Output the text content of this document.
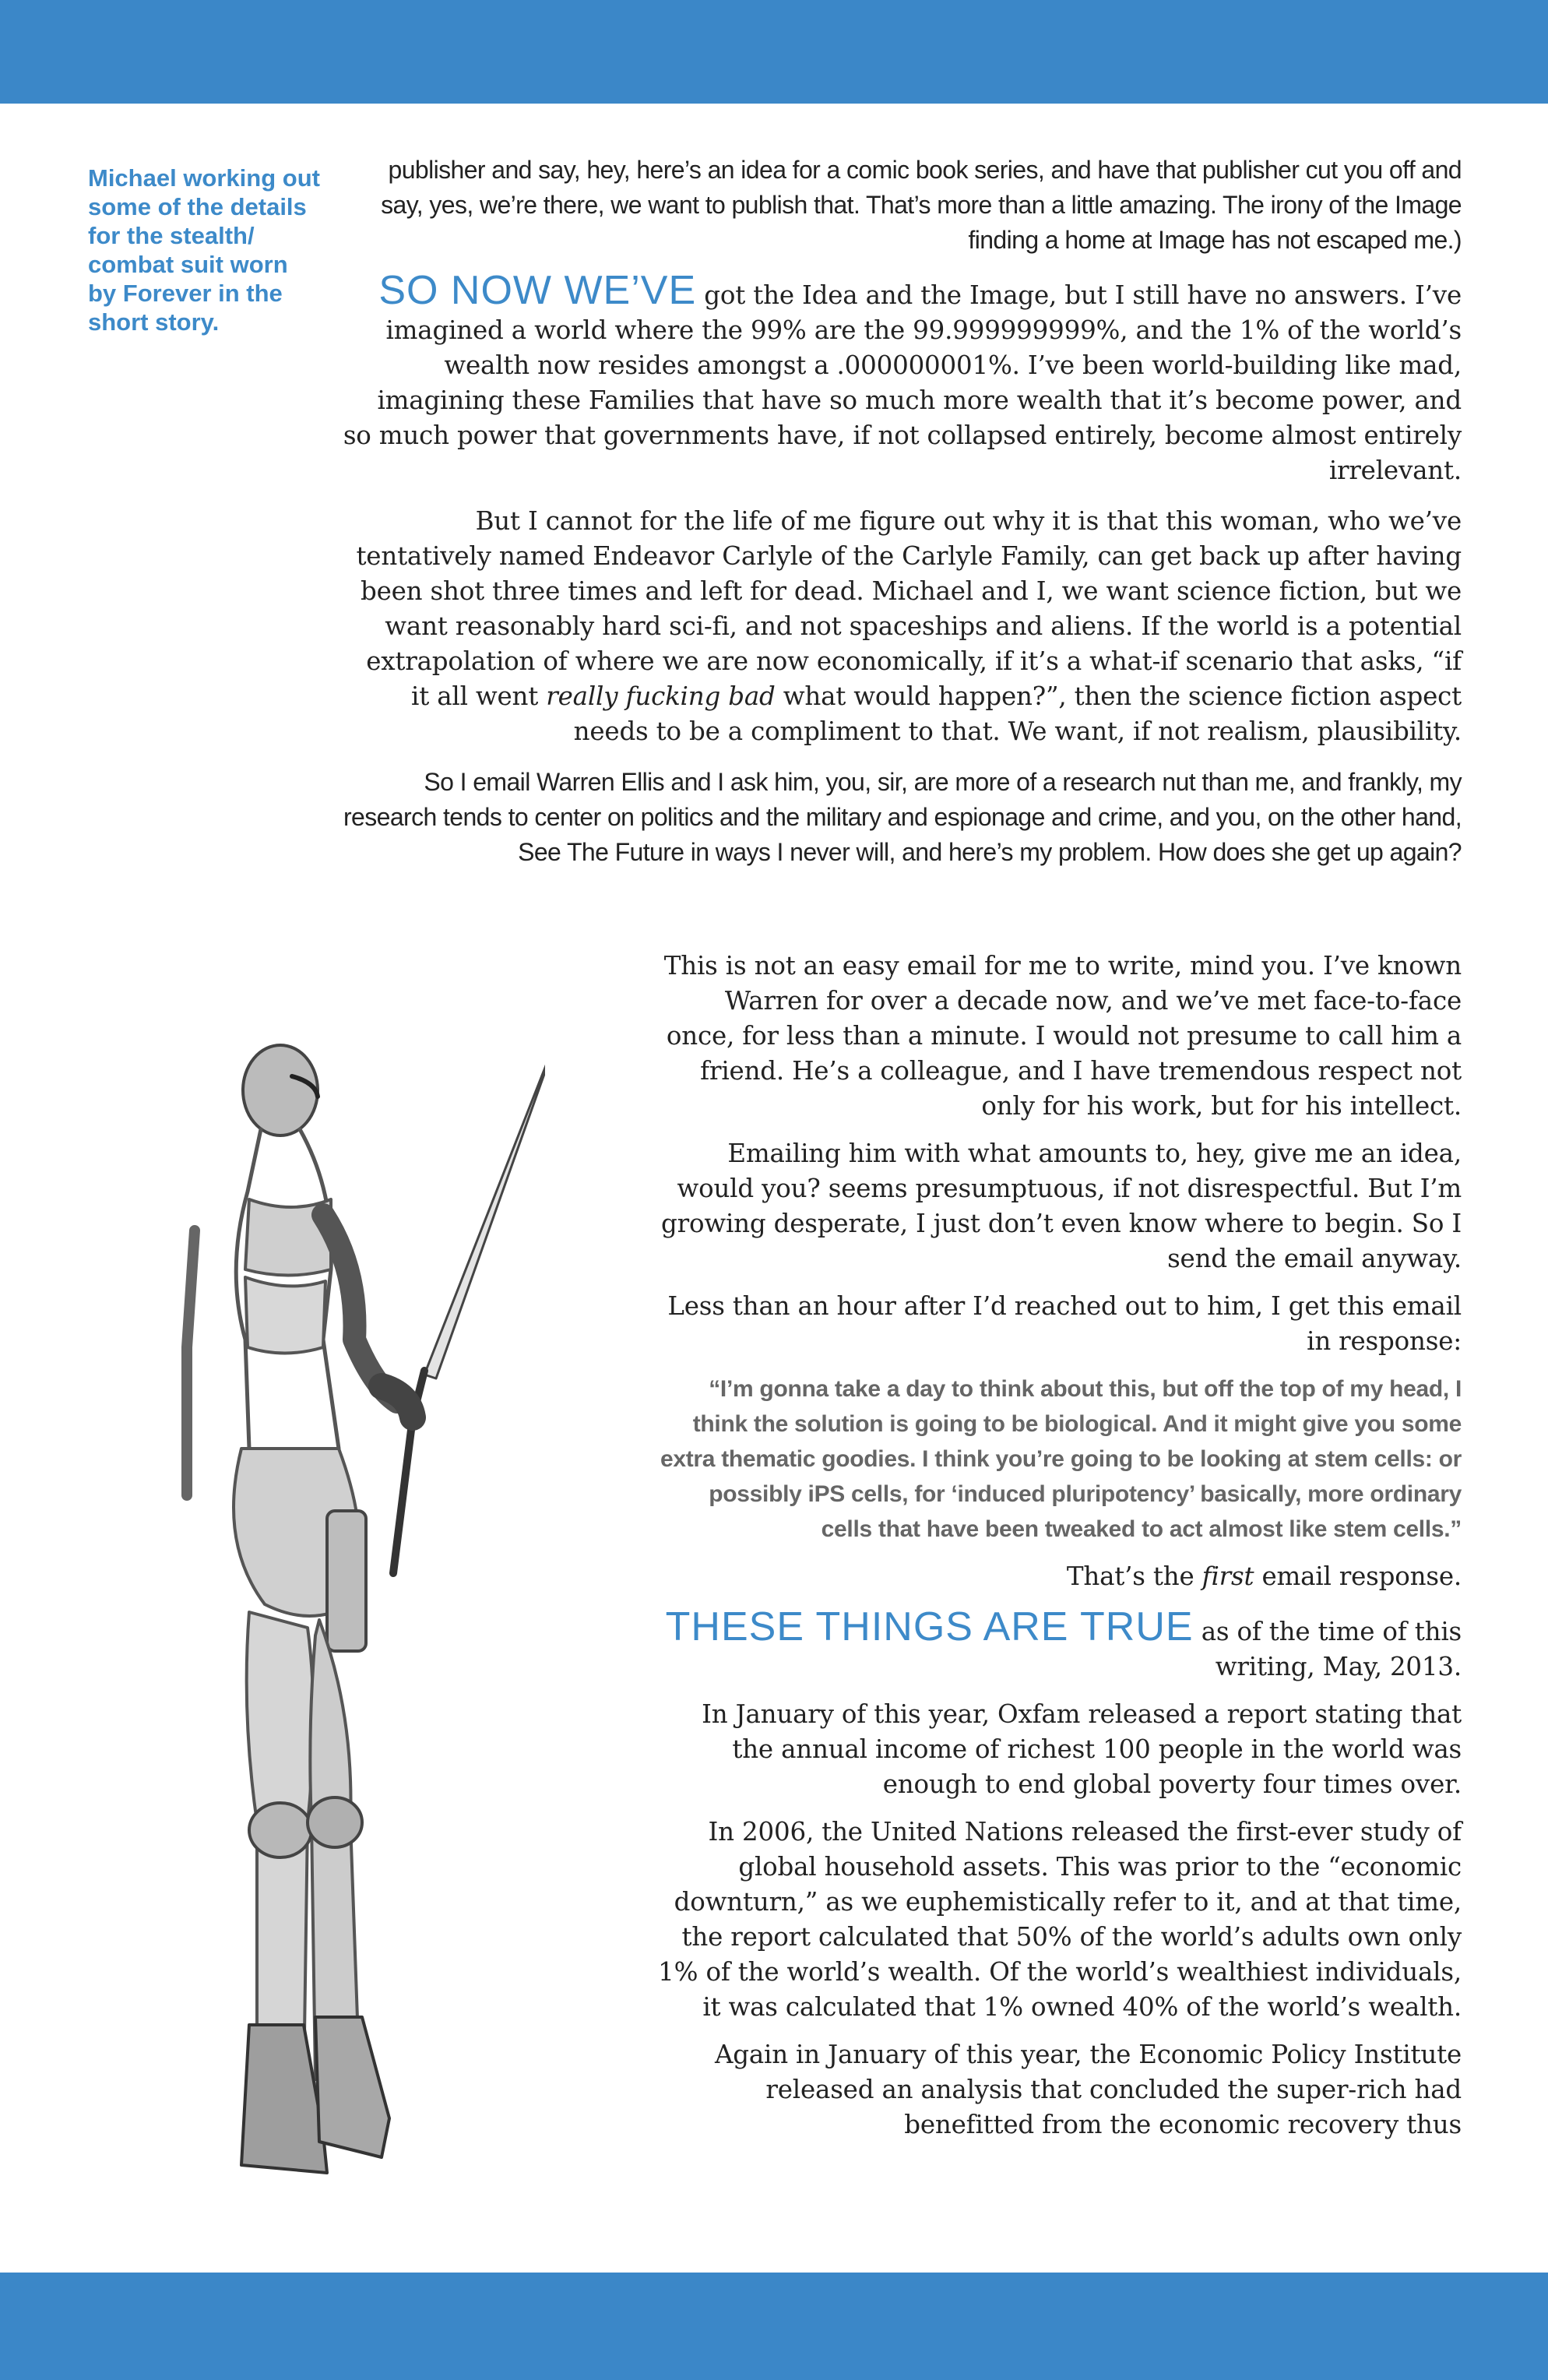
Michael working out some of the details for the stealth/ combat suit worn by Forever in the short story.

publisher and say, hey, here’s an idea for a comic book series, and have that publisher cut you off and say, yes, we’re there, we want to publish that. That’s more than a little amazing. The irony of the Image finding a home at Image has not escaped me.)

SO NOW WE’VE got the Idea and the Image, but I still have no answers. I’ve imagined a world where the 99% are the 99.999999999%, and the 1% of the world’s wealth now resides amongst a .000000001%. I’ve been world-building like mad, imagining these Families that have so much more wealth that it’s become power, and so much power that governments have, if not collapsed entirely, become almost entirely irrelevant.

But I cannot for the life of me figure out why it is that this woman, who we’ve tentatively named Endeavor Carlyle of the Carlyle Family, can get back up after having been shot three times and left for dead. Michael and I, we want science fiction, but we want reasonably hard sci-fi, and not spaceships and aliens. If the world is a potential extrapolation of where we are now economically, if it’s a what-if scenario that asks, “if it all went really fucking bad what would happen?”, then the science fiction aspect needs to be a compliment to that. We want, if not realism, plausibility.

So I email Warren Ellis and I ask him, you, sir, are more of a research nut than me, and frankly, my research tends to center on politics and the military and espionage and crime, and you, on the other hand, See The Future in ways I never will, and here’s my problem. How does she get up again?

This is not an easy email for me to write, mind you. I’ve known Warren for over a decade now, and we’ve met face-to-face once, for less than a minute. I would not presume to call him a friend. He’s a colleague, and I have tremendous respect not only for his work, but for his intellect.

Emailing him with what amounts to, hey, give me an idea, would you? seems presumptuous, if not disrespectful. But I’m growing desperate, I just don’t even know where to begin. So I send the email anyway.

Less than an hour after I’d reached out to him, I get this email in response:

“I’m gonna take a day to think about this, but off the top of my head, I think the solution is going to be biological. And it might give you some extra thematic goodies. I think you’re going to be looking at stem cells: or possibly iPS cells, for ‘induced pluripotency’ basically, more ordinary cells that have been tweaked to act almost like stem cells.”

That’s the first email response.

THESE THINGS ARE TRUE as of the time of this writing, May, 2013.

In January of this year, Oxfam released a report stating that the annual income of richest 100 people in the world was enough to end global poverty four times over.

In 2006, the United Nations released the first-ever study of global household assets. This was prior to the “economic downturn,” as we euphemistically refer to it, and at that time, the report calculated that 50% of the world’s adults own only 1% of the world’s wealth. Of the world’s wealthiest individuals, it was calculated that 1% owned 40% of the world’s wealth.

Again in January of this year, the Economic Policy Institute released an analysis that concluded the super-rich had benefitted from the economic recovery thus
